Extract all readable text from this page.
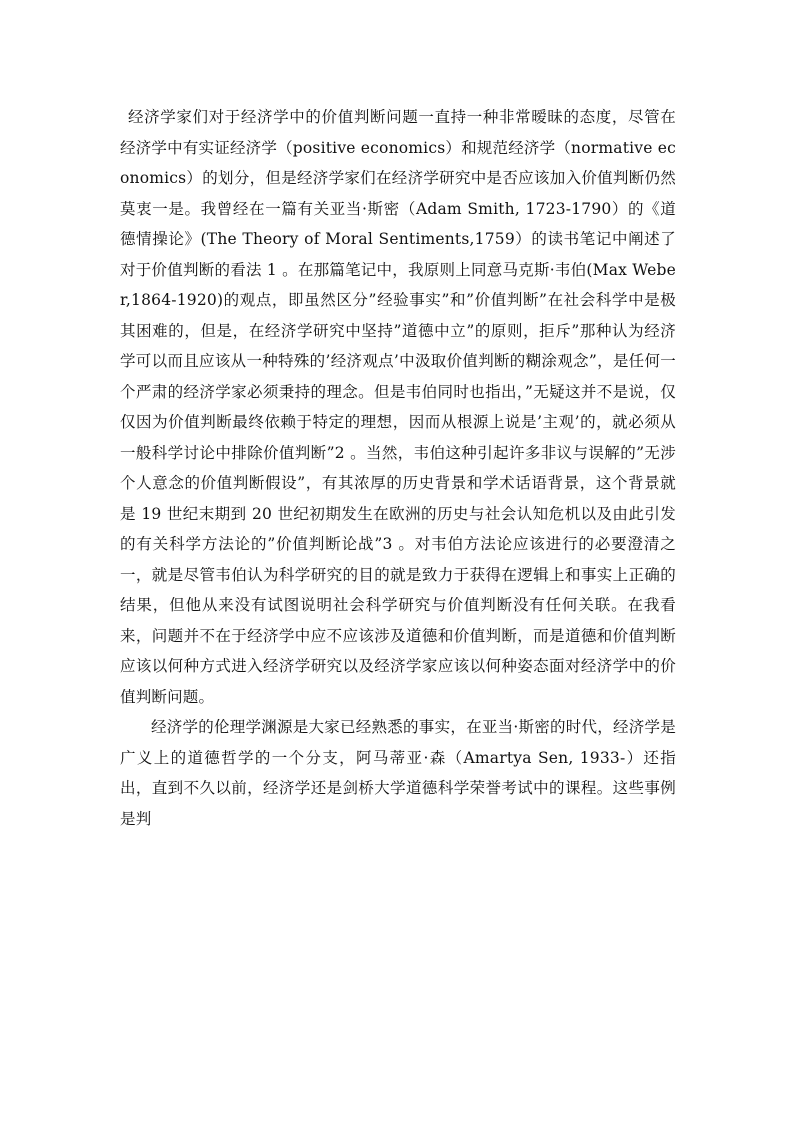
经济学家们对于经济学中的价值判断问题一直持一种非常暧昧的态度，尽管在经济学中有实证经济学（positive economics）和规范经济学（normative economics）的划分，但是经济学家们在经济学研究中是否应该加入价值判断仍然莫衷一是。我曾经在一篇有关亚当·斯密（Adam Smith, 1723-1790）的《道德情操论》(The Theory of Moral Sentiments,1759）的读书笔记中阐述了对于价值判断的看法 1 。在那篇笔记中，我原则上同意马克斯·韦伯(Max Weber,1864-1920)的观点，即虽然区分”经验事实”和”价值判断”在社会科学中是极其困难的，但是，在经济学研究中坚持”道德中立”的原则，拒斥”那种认为经济学可以而且应该从一种特殊的’经济观点’中汲取价值判断的糊涂观念”，是任何一个严肃的经济学家必须秉持的理念。但是韦伯同时也指出，”无疑这并不是说，仅仅因为价值判断最终依赖于特定的理想，因而从根源上说是’主观’的，就必须从一般科学讨论中排除价值判断”2 。当然，韦伯这种引起许多非议与误解的”无涉个人意念的价值判断假设”，有其浓厚的历史背景和学术话语背景，这个背景就是 19 世纪末期到 20 世纪初期发生在欧洲的历史与社会认知危机以及由此引发的有关科学方法论的”价值判断论战”3 。对韦伯方法论应该进行的必要澄清之一，就是尽管韦伯认为科学研究的目的就是致力于获得在逻辑上和事实上正确的结果，但他从来没有试图说明社会科学研究与价值判断没有任何关联。在我看来，问题并不在于经济学中应不应该涉及道德和价值判断，而是道德和价值判断应该以何种方式进入经济学研究以及经济学家应该以何种姿态面对经济学中的价值判断问题。

经济学的伦理学渊源是大家已经熟悉的事实，在亚当·斯密的时代，经济学是广义上的道德哲学的一个分支，阿马蒂亚·森（Amartya Sen, 1933-）还指出，直到不久以前，经济学还是剑桥大学道德科学荣誉考试中的课程。这些事例是判
